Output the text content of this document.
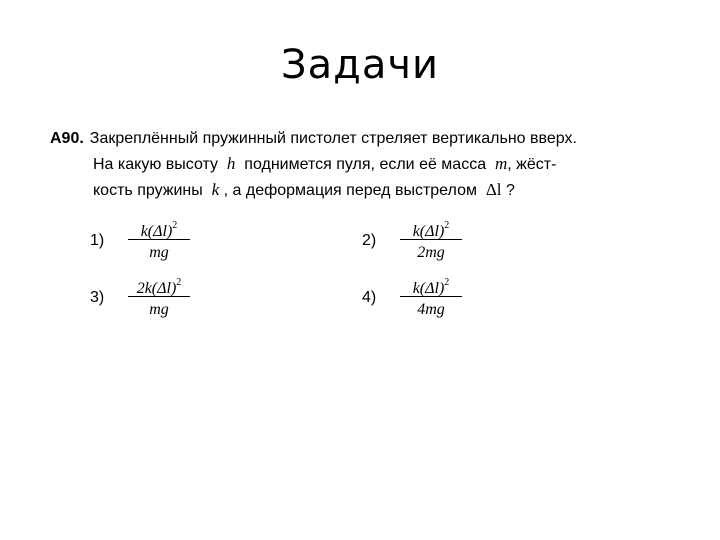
Задачи
А90. Закреплённый пружинный пистолет стреляет вертикально вверх.
На какую высоту h поднимется пуля, если её масса m, жёст-
кость пружины k , а деформация перед выстрелом Δl ?
1)
$k(\Delta l)^2$
mg
2)
$k(\Delta l)^2$
2mg
3)
$2k(\Delta l)^2$
mg
4)
$k(\Delta l)^2$
4mg
